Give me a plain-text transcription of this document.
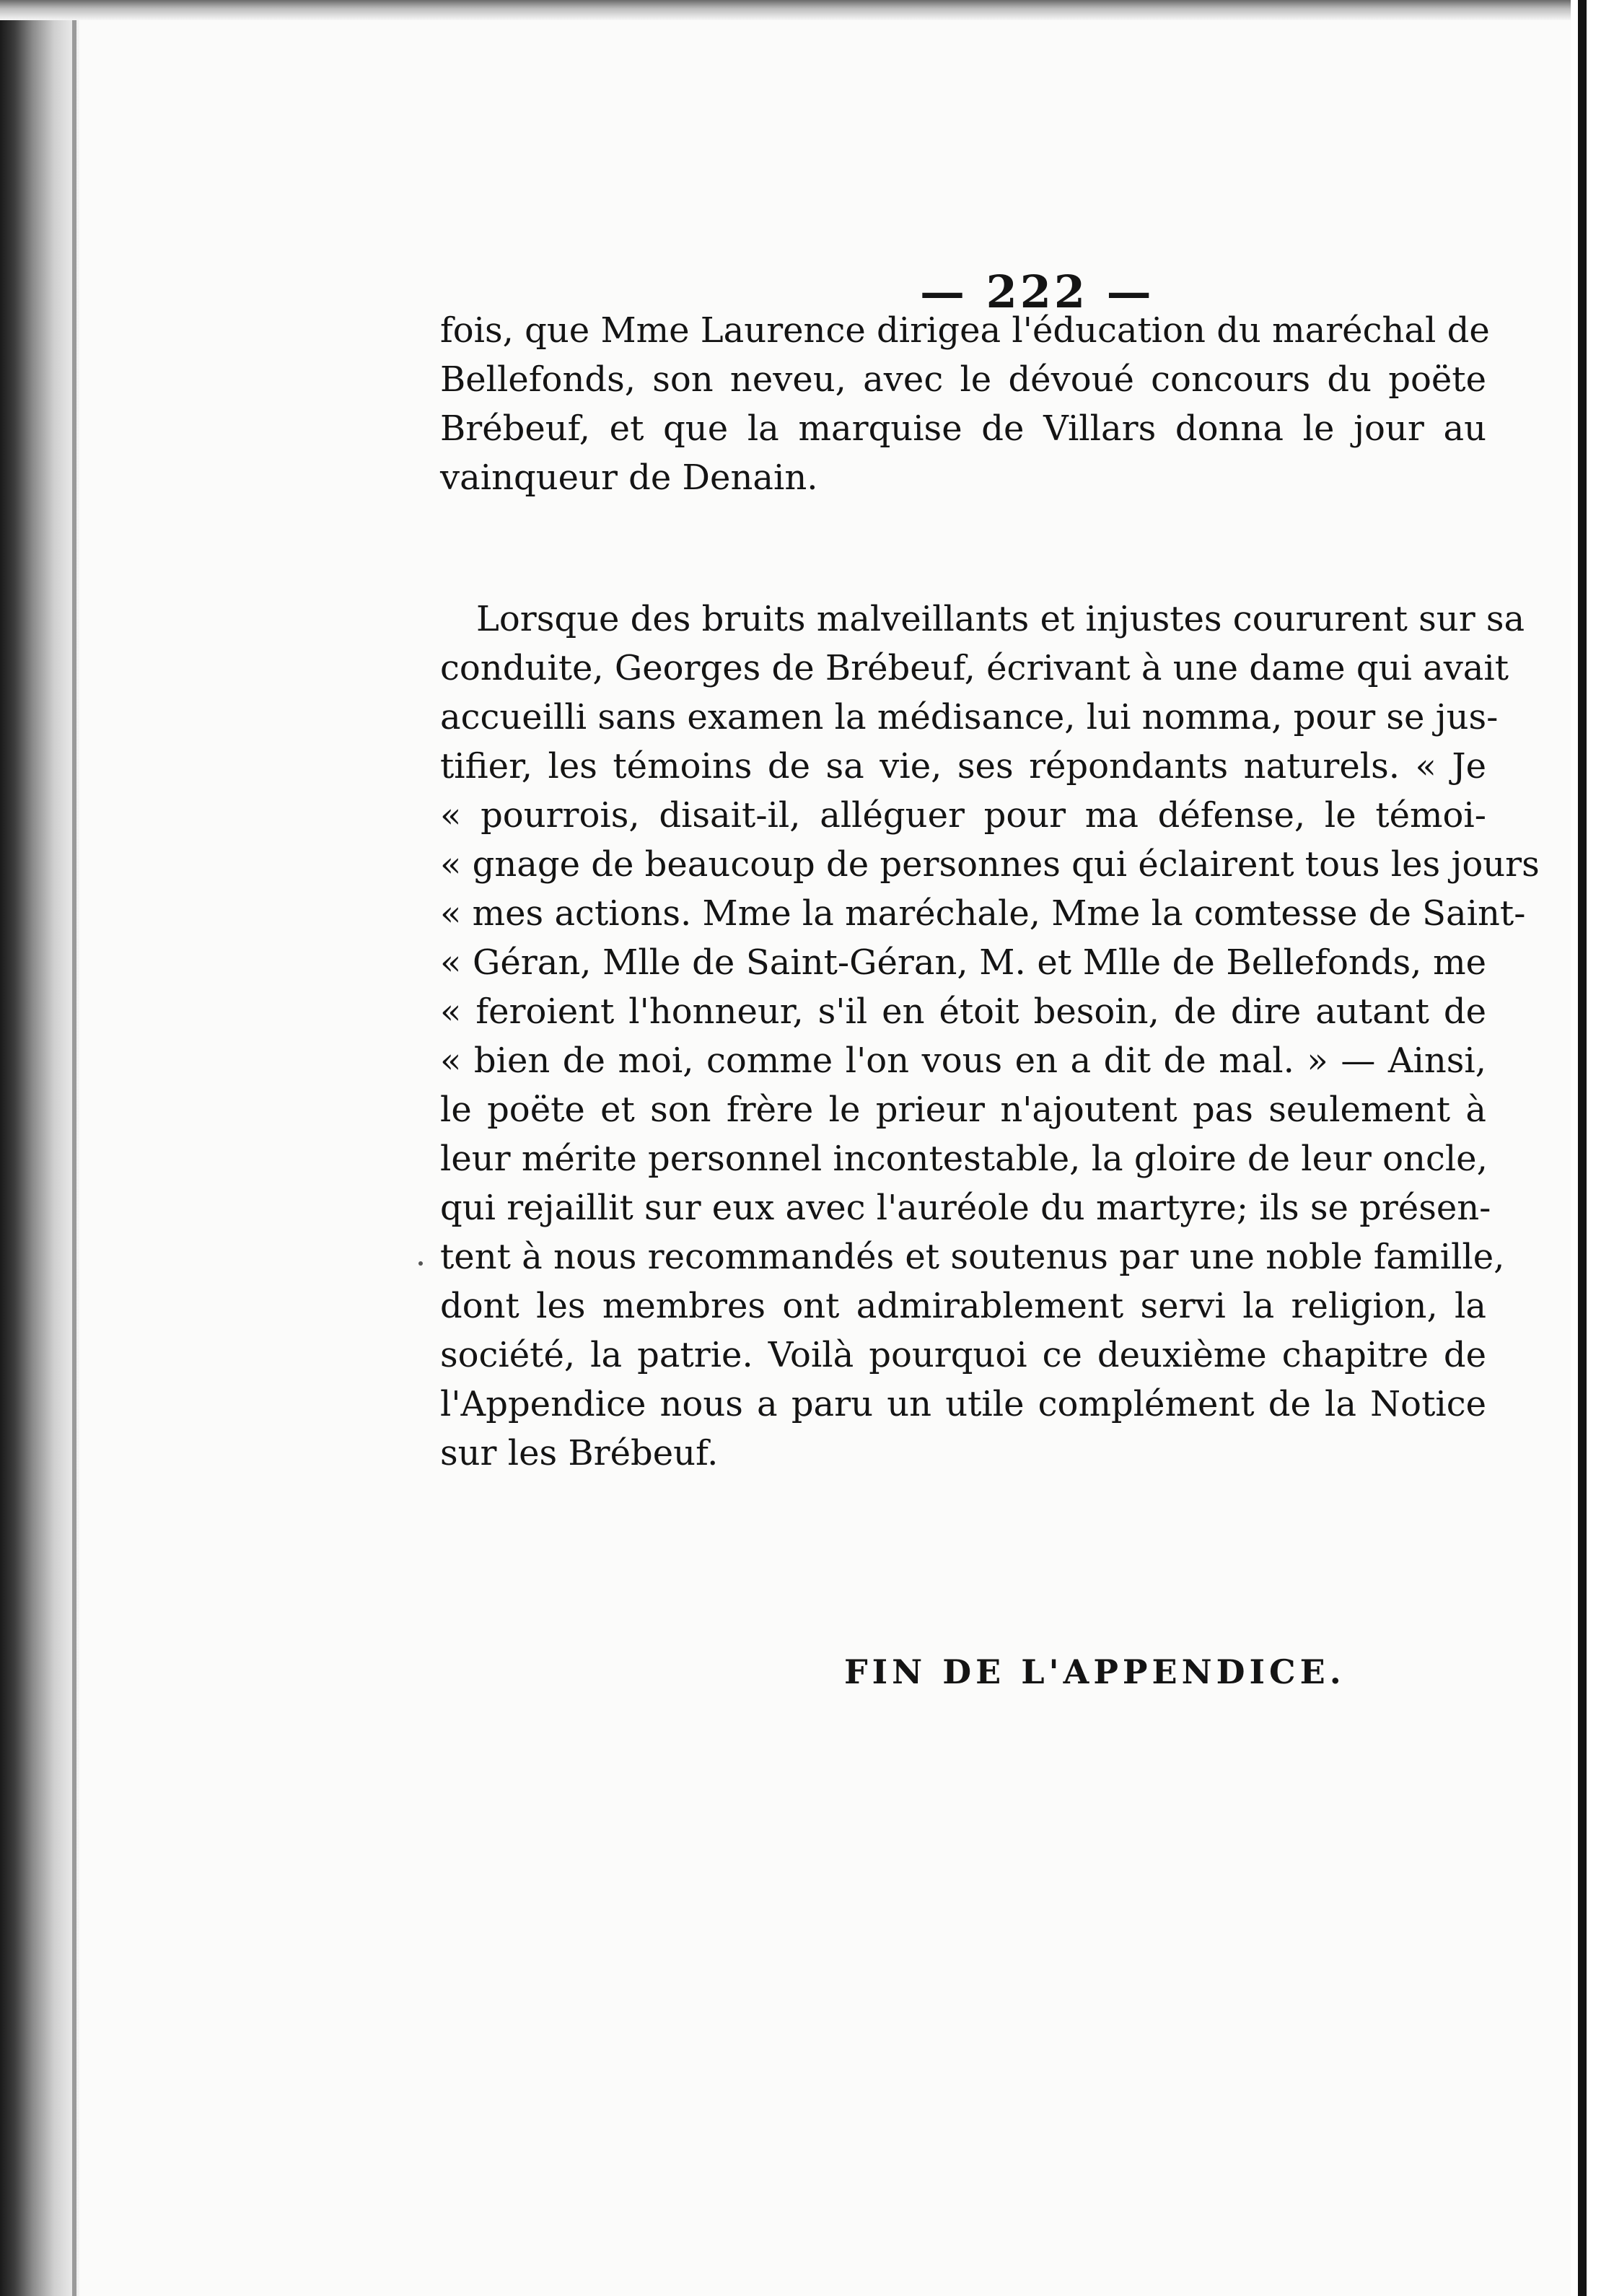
— 222 —
fois, que Mme Laurence dirigea l'éducation du maréchal de
Bellefonds, son neveu, avec le dévoué concours du poëte
Brébeuf, et que la marquise de Villars donna le jour au
vainqueur de Denain.
Lorsque des bruits malveillants et injustes coururent sur sa
conduite, Georges de Brébeuf, écrivant à une dame qui avait
accueilli sans examen la médisance, lui nomma, pour se jus-
tifier, les témoins de sa vie, ses répondants naturels. « Je
« pourrois, disait-il, alléguer pour ma défense, le témoi-
« gnage de beaucoup de personnes qui éclairent tous les jours
« mes actions. Mme la maréchale, Mme la comtesse de Saint-
« Géran, Mlle de Saint-Géran, M. et Mlle de Bellefonds, me
« feroient l'honneur, s'il en étoit besoin, de dire autant de
« bien de moi, comme l'on vous en a dit de mal. » — Ainsi,
le poëte et son frère le prieur n'ajoutent pas seulement à
leur mérite personnel incontestable, la gloire de leur oncle,
qui rejaillit sur eux avec l'auréole du martyre; ils se présen-
tent à nous recommandés et soutenus par une noble famille,
dont les membres ont admirablement servi la religion, la
société, la patrie. Voilà pourquoi ce deuxième chapitre de
l'Appendice nous a paru un utile complément de la Notice
sur les Brébeuf.
FIN DE L'APPENDICE.
